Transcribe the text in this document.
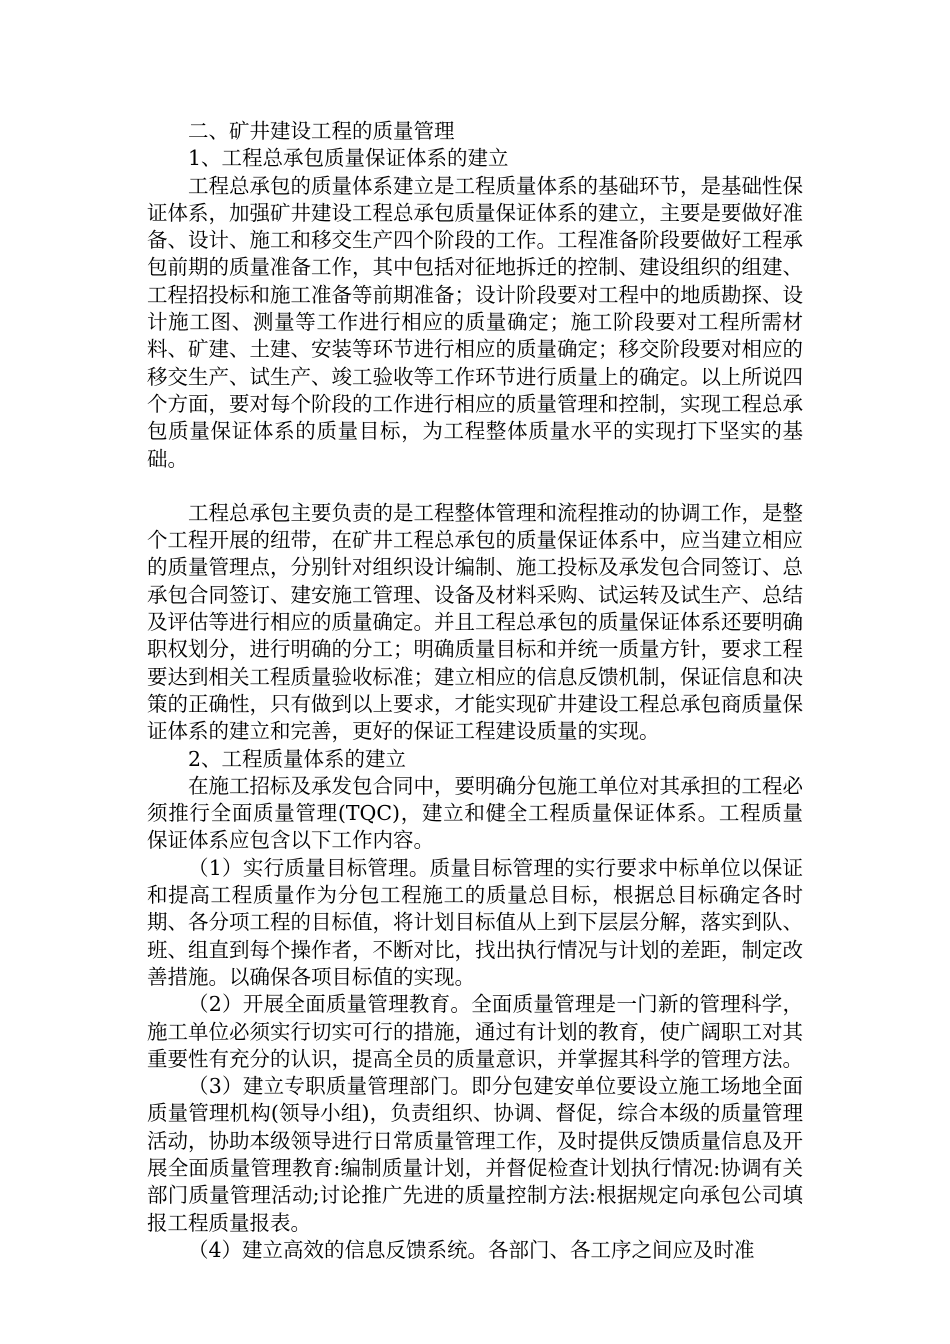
二、矿井建设工程的质量管理

1、工程总承包质量保证体系的建立

工程总承包的质量体系建立是工程质量体系的基础环节，是基础性保证体系，加强矿井建设工程总承包质量保证体系的建立，主要是要做好准备、设计、施工和移交生产四个阶段的工作。工程准备阶段要做好工程承包前期的质量准备工作，其中包括对征地拆迁的控制、建设组织的组建、工程招投标和施工准备等前期准备；设计阶段要对工程中的地质勘探、设计施工图、测量等工作进行相应的质量确定；施工阶段要对工程所需材料、矿建、土建、安装等环节进行相应的质量确定；移交阶段要对相应的移交生产、试生产、竣工验收等工作环节进行质量上的确定。以上所说四个方面，要对每个阶段的工作进行相应的质量管理和控制，实现工程总承包质量保证体系的质量目标，为工程整体质量水平的实现打下坚实的基础。

工程总承包主要负责的是工程整体管理和流程推动的协调工作，是整个工程开展的纽带，在矿井工程总承包的质量保证体系中，应当建立相应的质量管理点，分别针对组织设计编制、施工投标及承发包合同签订、总承包合同签订、建安施工管理、设备及材料采购、试运转及试生产、总结及评估等进行相应的质量确定。并且工程总承包的质量保证体系还要明确职权划分，进行明确的分工；明确质量目标和并统一质量方针，要求工程要达到相关工程质量验收标准；建立相应的信息反馈机制，保证信息和决策的正确性，只有做到以上要求，才能实现矿井建设工程总承包商质量保证体系的建立和完善，更好的保证工程建设质量的实现。

2、工程质量体系的建立

在施工招标及承发包合同中，要明确分包施工单位对其承担的工程必须推行全面质量管理(TQC)，建立和健全工程质量保证体系。工程质量保证体系应包含以下工作内容。

（1）实行质量目标管理。质量目标管理的实行要求中标单位以保证和提高工程质量作为分包工程施工的质量总目标，根据总目标确定各时期、各分项工程的目标值，将计划目标值从上到下层层分解，落实到队、班、组直到每个操作者，不断对比，找出执行情况与计划的差距，制定改善措施。以确保各项目标值的实现。

（2）开展全面质量管理教育。全面质量管理是一门新的管理科学，施工单位必须实行切实可行的措施，通过有计划的教育，使广阔职工对其重要性有充分的认识，提高全员的质量意识，并掌握其科学的管理方法。

（3）建立专职质量管理部门。即分包建安单位要设立施工场地全面质量管理机构(领导小组)，负责组织、协调、督促，综合本级的质量管理活动，协助本级领导进行日常质量管理工作，及时提供反馈质量信息及开展全面质量管理教育:编制质量计划，并督促检查计划执行情况:协调有关部门质量管理活动;讨论推广先进的质量控制方法:根据规定向承包公司填报工程质量报表。

（4）建立高效的信息反馈系统。各部门、各工序之间应及时准
